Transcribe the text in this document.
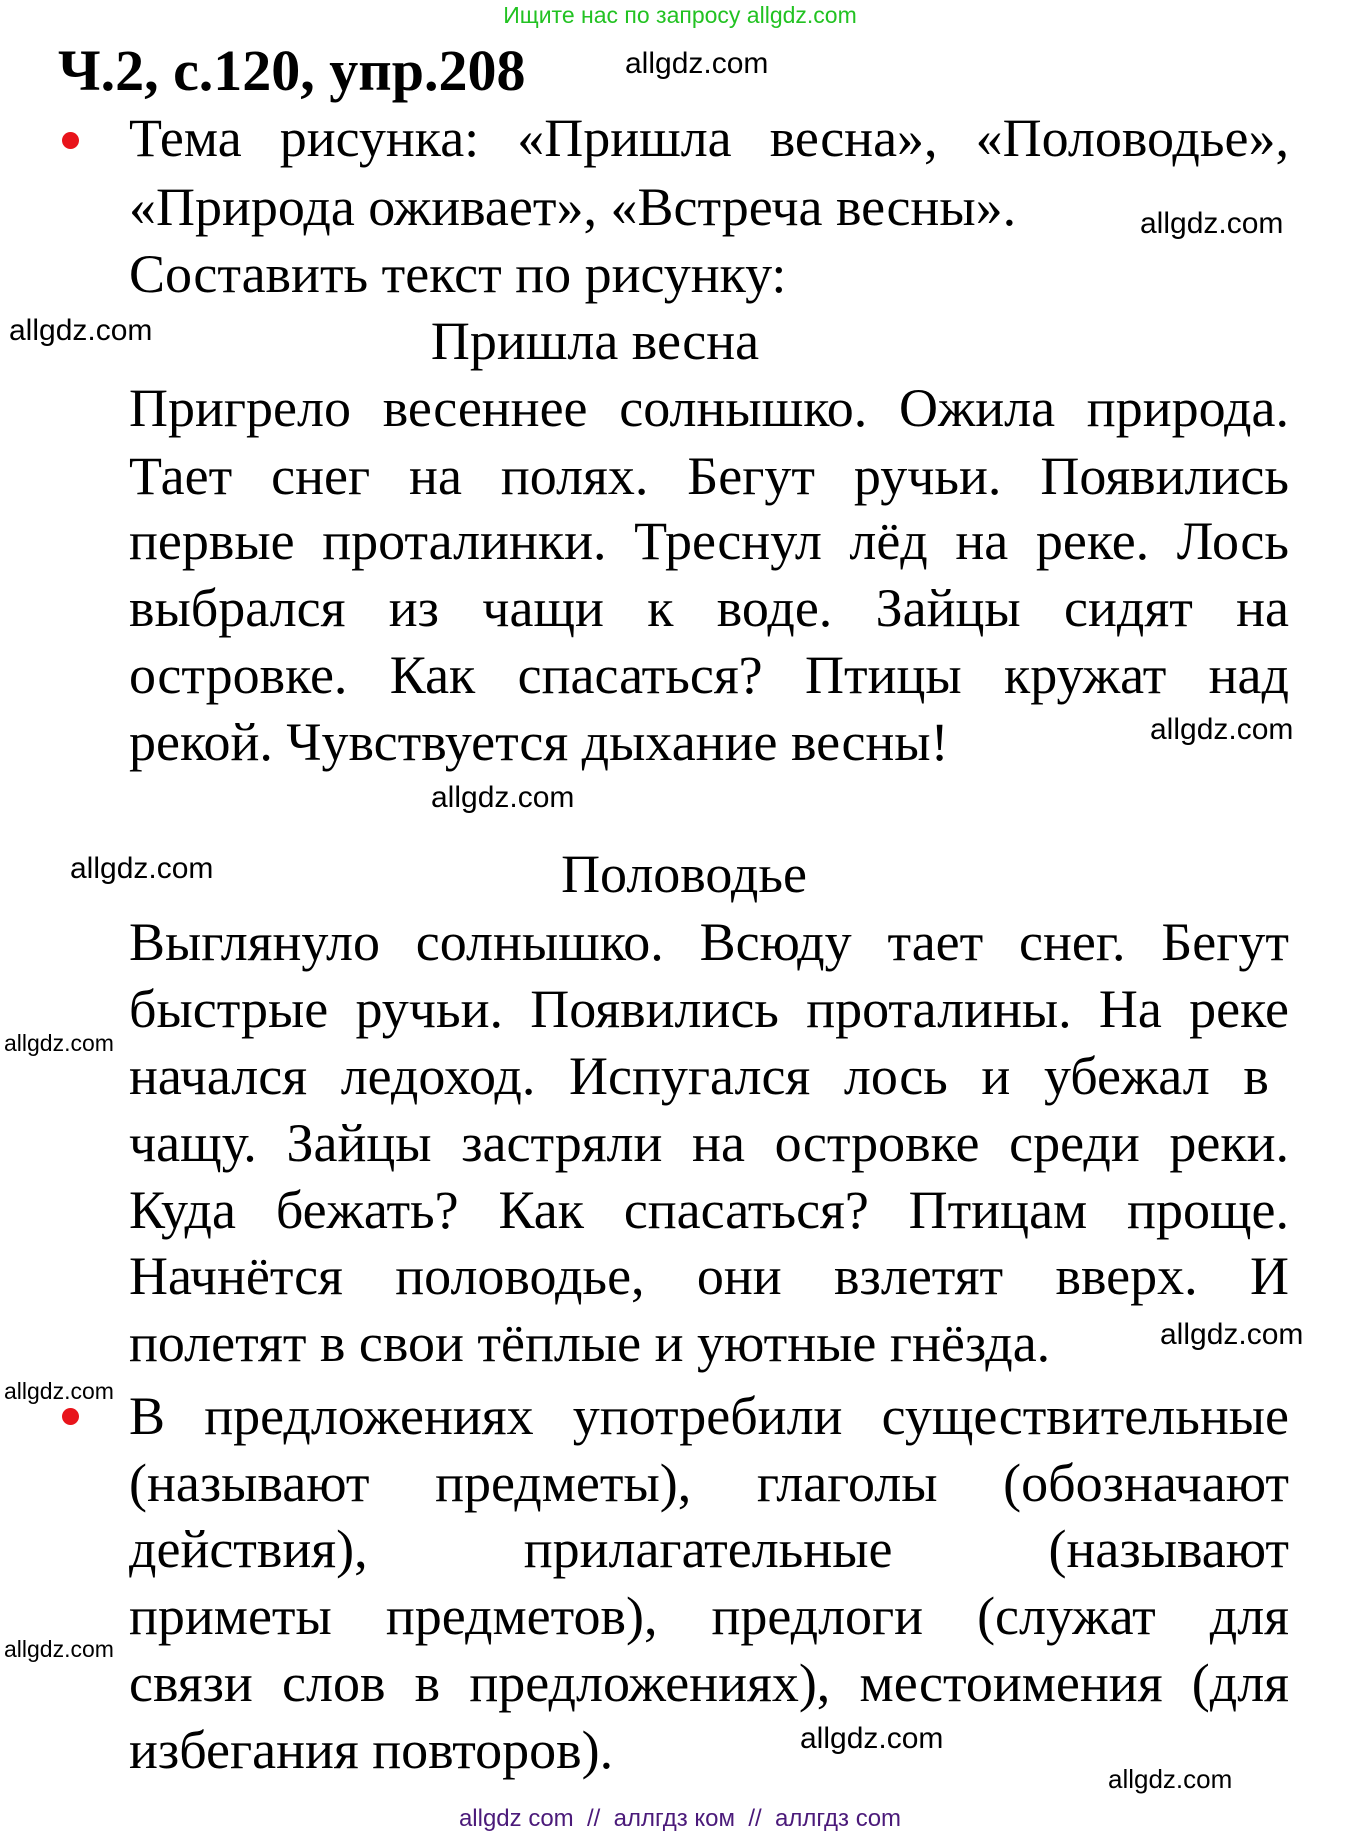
Ищите нас по запросу allgdz.com
Ч.2, с.120, упр.208
Тема рисунка: «Пришла весна», «Половодье»,
«Природа оживает», «Встреча весны».
Составить текст по рисунку:
Пришла весна
Пригрело весеннее солнышко. Ожила природа.
Тает снег на полях. Бегут ручьи. Появились
первые проталинки. Треснул лёд на реке. Лось
выбрался из чащи к воде. Зайцы сидят на
островке. Как спасаться? Птицы кружат над
рекой. Чувствуется дыхание весны!
Половодье
Выглянуло солнышко. Всюду тает снег. Бегут
быстрые ручьи. Появились проталины. На реке
начался ледоход. Испугался лось и убежал в
чащу. Зайцы застряли на островке среди реки.
Куда бежать? Как спасаться? Птицам проще.
Начнётся половодье, они взлетят вверх. И
полетят в свои тёплые и уютные гнёзда.
В предложениях употребили существительные
(называют предметы), глаголы (обозначают
действия), прилагательные (называют
приметы предметов), предлоги (служат для
связи слов в предложениях), местоимения (для
избегания повторов).
allgdz.com
allgdz.com
allgdz.com
allgdz.com
allgdz.com
allgdz.com
allgdz.com
allgdz.com
allgdz.com
allgdz.com
allgdz.com
allgdz.com
allgdz com  //  аллгдз ком  //  аллгдз com
